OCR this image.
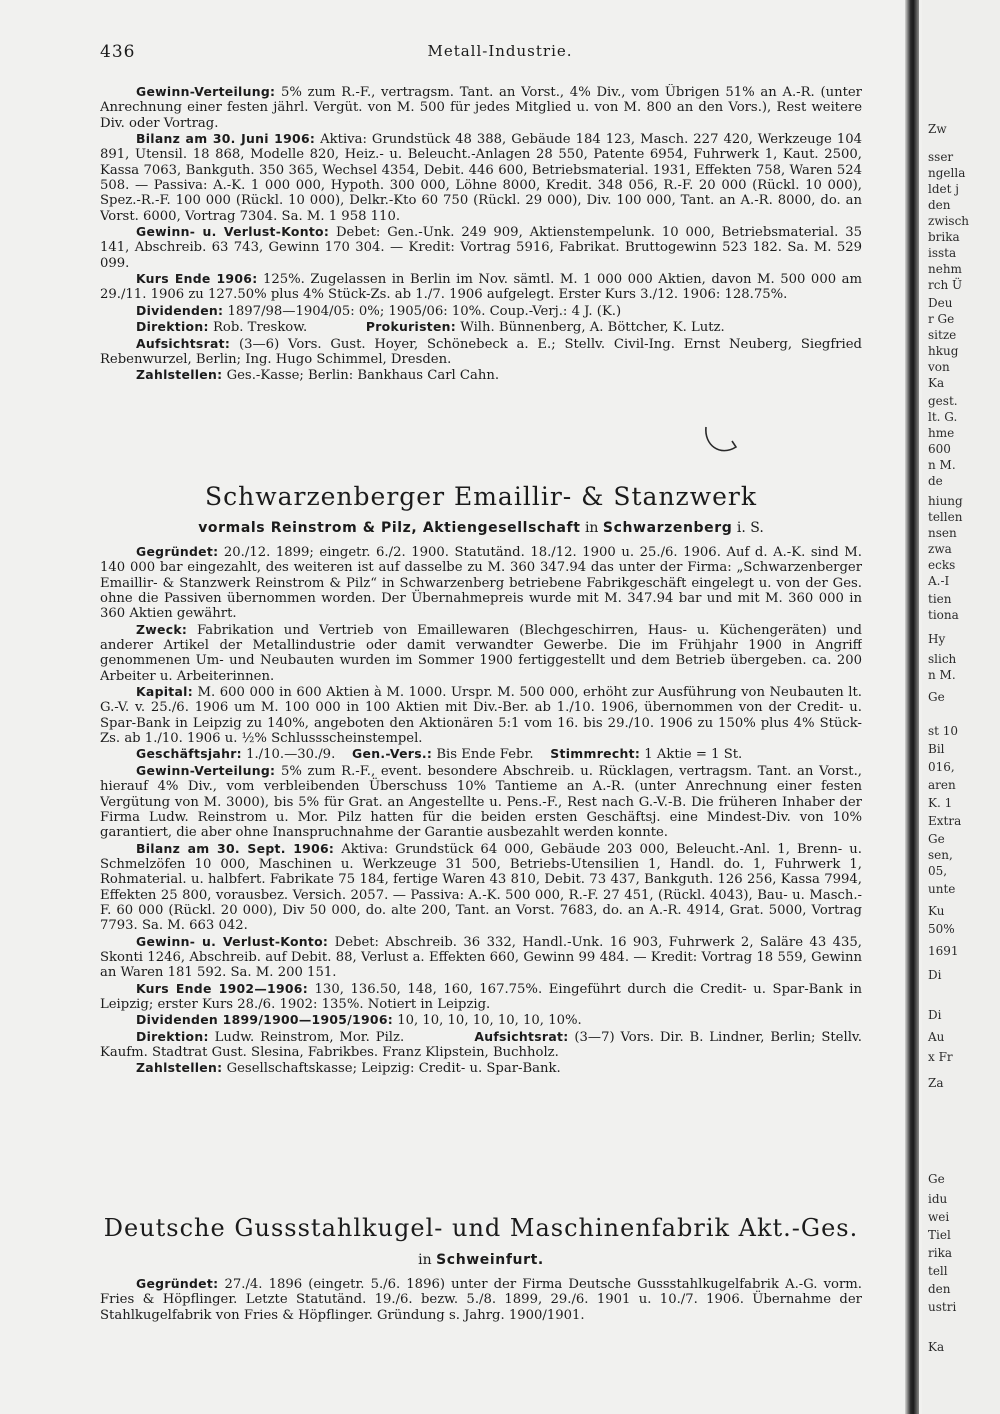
436	Metall-Industrie.

Gewinn-Verteilung: 5% zum R.-F., vertragsm. Tant. an Vorst., 4% Div., vom Übrigen 51% an A.-R. (unter Anrechnung einer festen jährl. Vergüt. von M. 500 für jedes Mitglied u. von M. 800 an den Vors.), Rest weitere Div. oder Vortrag.

Bilanz am 30. Juni 1906: Aktiva: Grundstück 48 388, Gebäude 184 123, Masch. 227 420, Werkzeuge 104 891, Utensil. 18 868, Modelle 820, Heiz.- u. Beleucht.-Anlagen 28 550, Patente 6954, Fuhrwerk 1, Kaut. 2500, Kassa 7063, Bankguth. 350 365, Wechsel 4354, Debit. 446 600, Betriebsmaterial. 1931, Effekten 758, Waren 524 508. — Passiva: A.-K. 1 000 000, Hypoth. 300 000, Löhne 8000, Kredit. 348 056, R.-F. 20 000 (Rückl. 10 000), Spez.-R.-F. 100 000 (Rückl. 10 000), Delkr.-Kto 60 750 (Rückl. 29 000), Div. 100 000, Tant. an A.-R. 8000, do. an Vorst. 6000, Vortrag 7304. Sa. M. 1 958 110.

Gewinn- u. Verlust-Konto: Debet: Gen.-Unk. 249 909, Aktienstempelunk. 10 000, Betriebsmaterial. 35 141, Abschreib. 63 743, Gewinn 170 304. — Kredit: Vortrag 5916, Fabrikat. Bruttogewinn 523 182. Sa. M. 529 099.

Kurs Ende 1906: 125%. Zugelassen in Berlin im Nov. sämtl. M. 1 000 000 Aktien, davon M. 500 000 am 29./11. 1906 zu 127.50% plus 4% Stück-Zs. ab 1./7. 1906 aufgelegt. Erster Kurs 3./12. 1906: 128.75%.

Dividenden: 1897/98—1904/05: 0%; 1905/06: 10%. Coup.-Verj.: 4 J. (K.)

Direktion: Rob. Treskow.	Prokuristen: Wilh. Bünnenberg, A. Böttcher, K. Lutz.

Aufsichtsrat: (3—6) Vors. Gust. Hoyer, Schönebeck a. E.; Stellv. Civil-Ing. Ernst Neuberg, Siegfried Rebenwurzel, Berlin; Ing. Hugo Schimmel, Dresden.

Zahlstellen: Ges.-Kasse; Berlin: Bankhaus Carl Cahn.

Schwarzenberger Emaillir- & Stanzwerk
vormals Reinstrom & Pilz, Aktiengesellschaft in Schwarzenberg i. S.

Gegründet: 20./12. 1899; eingetr. 6./2. 1900. Statutänd. 18./12. 1900 u. 25./6. 1906. Auf d. A.-K. sind M. 140 000 bar eingezahlt, des weiteren ist auf dasselbe zu M. 360 347.94 das unter der Firma: „Schwarzenberger Emaillir- & Stanzwerk Reinstrom & Pilz“ in Schwarzenberg betriebene Fabrikgeschäft eingelegt u. von der Ges. ohne die Passiven übernommen worden. Der Übernahmepreis wurde mit M. 347.94 bar und mit M. 360 000 in 360 Aktien gewährt.

Zweck: Fabrikation und Vertrieb von Emaillewaren (Blechgeschirren, Haus- u. Küchengeräten) und anderer Artikel der Metallindustrie oder damit verwandter Gewerbe. Die im Frühjahr 1900 in Angriff genommenen Um- und Neubauten wurden im Sommer 1900 fertiggestellt und dem Betrieb übergeben. ca. 200 Arbeiter u. Arbeiterinnen.

Kapital: M. 600 000 in 600 Aktien à M. 1000. Urspr. M. 500 000, erhöht zur Ausführung von Neubauten lt. G.-V. v. 25./6. 1906 um M. 100 000 in 100 Aktien mit Div.-Ber. ab 1./10. 1906, übernommen von der Credit- u. Spar-Bank in Leipzig zu 140%, angeboten den Aktionären 5:1 vom 16. bis 29./10. 1906 zu 150% plus 4% Stück-Zs. ab 1./10. 1906 u. ½% Schlussscheinstempel.

Geschäftsjahr: 1./10.—30./9. Gen.-Vers.: Bis Ende Febr. Stimmrecht: 1 Aktie = 1 St.

Gewinn-Verteilung: 5% zum R.-F., event. besondere Abschreib. u. Rücklagen, vertragsm. Tant. an Vorst., hierauf 4% Div., vom verbleibenden Überschuss 10% Tantieme an A.-R. (unter Anrechnung einer festen Vergütung von M. 3000), bis 5% für Grat. an Angestellte u. Pens.-F., Rest nach G.-V.-B. Die früheren Inhaber der Firma Ludw. Reinstrom u. Mor. Pilz hatten für die beiden ersten Geschäftsj. eine Mindest-Div. von 10% garantiert, die aber ohne Inanspruchnahme der Garantie ausbezahlt werden konnte.

Bilanz am 30. Sept. 1906: Aktiva: Grundstück 64 000, Gebäude 203 000, Beleucht.-Anl. 1, Brenn- u. Schmelzöfen 10 000, Maschinen u. Werkzeuge 31 500, Betriebs-Utensilien 1, Handl. do. 1, Fuhrwerk 1, Rohmaterial. u. halbfert. Fabrikate 75 184, fertige Waren 43 810, Debit. 73 437, Bankguth. 126 256, Kassa 7994, Effekten 25 800, vorausbez. Versich. 2057. — Passiva: A.-K. 500 000, R.-F. 27 451, (Rückl. 4043), Bau- u. Masch.-F. 60 000 (Rückl. 20 000), Div 50 000, do. alte 200, Tant. an Vorst. 7683, do. an A.-R. 4914, Grat. 5000, Vortrag 7793. Sa. M. 663 042.

Gewinn- u. Verlust-Konto: Debet: Abschreib. 36 332, Handl.-Unk. 16 903, Fuhrwerk 2, Saläre 43 435, Skonti 1246, Abschreib. auf Debit. 88, Verlust a. Effekten 660, Gewinn 99 484. — Kredit: Vortrag 18 559, Gewinn an Waren 181 592. Sa. M. 200 151.

Kurs Ende 1902—1906: 130, 136.50, 148, 160, 167.75%. Eingeführt durch die Credit- u. Spar-Bank in Leipzig; erster Kurs 28./6. 1902: 135%. Notiert in Leipzig.

Dividenden 1899/1900—1905/1906: 10, 10, 10, 10, 10, 10, 10%.

Direktion: Ludw. Reinstrom, Mor. Pilz.	Aufsichtsrat: (3—7) Vors. Dir. B. Lindner, Berlin; Stellv. Kaufm. Stadtrat Gust. Slesina, Fabrikbes. Franz Klipstein, Buchholz.

Zahlstellen: Gesellschaftskasse; Leipzig: Credit- u. Spar-Bank.

Deutsche Gussstahlkugel- und Maschinenfabrik Akt.-Ges.
in Schweinfurt.

Gegründet: 27./4. 1896 (eingetr. 5./6. 1896) unter der Firma Deutsche Gussstahlkugelfabrik A.-G. vorm. Fries & Höpflinger. Letzte Statutänd. 19./6. bezw. 5./8. 1899, 29./6. 1901 u. 10./7. 1906. Übernahme der Stahlkugelfabrik von Fries & Höpflinger. Gründung s. Jahrg. 1900/1901.

Zw
sser
ngella
ldet j
den
zwisch
brika
issta
nehm
rch Ü
Deu
r Ge
sitze
hkug
von
Ka
gest.
lt. G.
hme
600
n M.
de
hiung
tellen
nsen
zwa
ecks
A.-I
tien
tiona
Hy
slich
n M.
Ge
st 10
Bil
016,
aren
K. 1
Extra
Ge
sen,
05,
unte
Ku
50%
1691
Di
Di
Au
x Fr
Za
Ge
idu
wei
Tiel
rika
tell
den
ustri
Ka
